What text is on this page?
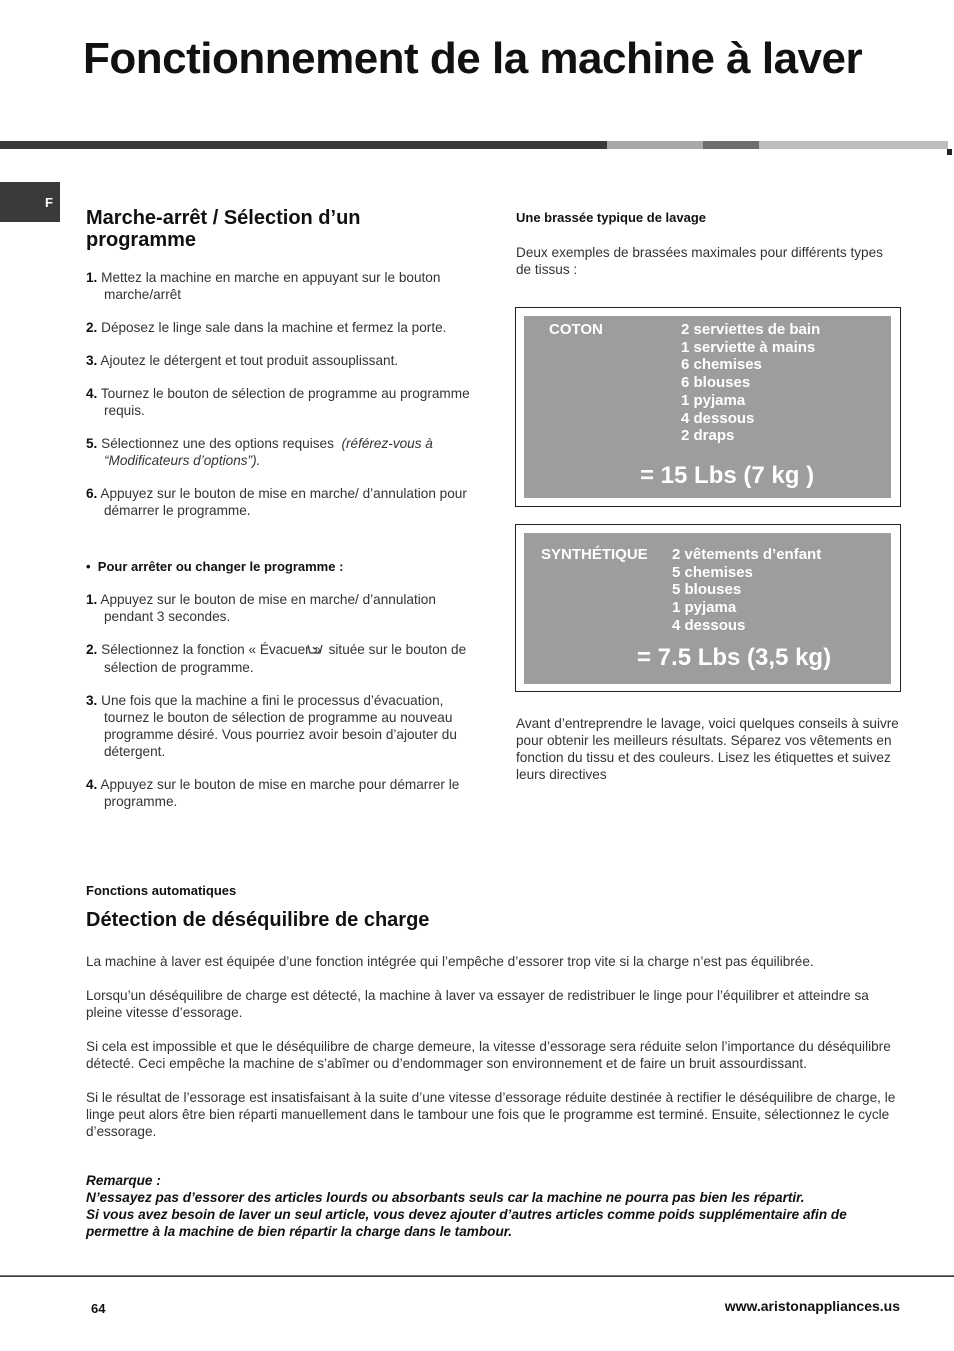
Fonctionnement de la machine à laver
F
Marche-arrêt / Sélection d’un programme

1. Mettez la machine en marche en appuyant sur le bouton marche/arrêt

2. Déposez le linge sale dans la machine et fermez la porte.

3. Ajoutez le détergent et tout produit assouplissant.

4. Tournez le bouton de sélection de programme au programme requis.

5. Sélectionnez une des options requises (référez-vous à “Modificateurs d’options”).

6. Appuyez sur le bouton de mise en marche/ d’annulation pour démarrer le programme.

•  Pour arrêter ou changer le programme :

1. Appuyez sur le bouton de mise en marche/ d’annulation pendant 3 secondes.

2. Sélectionnez la fonction « Évacuer » située sur le bouton de sélection de programme.

3. Une fois que la machine a fini le processus d’évacuation, tournez le bouton de sélection de programme au nouveau programme désiré. Vous pourriez avoir besoin d’ajouter du détergent.

4. Appuyez sur le bouton de mise en marche pour démarrer le programme.

Une brassée typique de lavage
Deux exemples de brassées maximales pour différents types de tissus :
COTON	2 serviettes de bain
1 serviette à mains
6 chemises
6 blouses
1 pyjama
4 dessous
2 draps
= 15 Lbs (7 kg )
SYNTHÉTIQUE 2 vêtements d’enfant
5 chemises
5 blouses
1 pyjama
4 dessous
= 7.5 Lbs (3,5 kg)
Avant d’entreprendre le lavage, voici quelques conseils à suivre pour obtenir les meilleurs résultats. Séparez vos vêtements en fonction du tissu et des couleurs. Lisez les étiquettes et suivez leurs directives
Fonctions automatiques
Détection de déséquilibre de charge

La machine à laver est équipée d’une fonction intégrée qui l’empêche d’essorer trop vite si la charge n’est pas équilibrée.

Lorsqu’un déséquilibre de charge est détecté, la machine à laver va essayer de redistribuer le linge pour l’équilibrer et atteindre sa pleine vitesse d’essorage.

Si cela est impossible et que le déséquilibre de charge demeure, la vitesse d’essorage sera réduite selon l’importance du déséquilibre détecté. Ceci empêche la machine de s’abîmer ou d’endommager son environnement et de faire un bruit assourdissant.

Si le résultat de l’essorage est insatisfaisant à la suite d’une vitesse d’essorage réduite destinée à rectifier le déséquilibre de charge, le linge peut alors être bien réparti manuellement dans le tambour une fois que le programme est terminé. Ensuite, sélectionnez le cycle d’essorage.

Remarque :
N’essayez pas d’essorer des articles lourds ou absorbants seuls car la machine ne pourra pas bien les répartir.
Si vous avez besoin de laver un seul article, vous devez ajouter d’autres articles comme poids supplémentaire afin de permettre à la machine de bien répartir la charge dans le tambour.
64	www.aristonappliances.us
